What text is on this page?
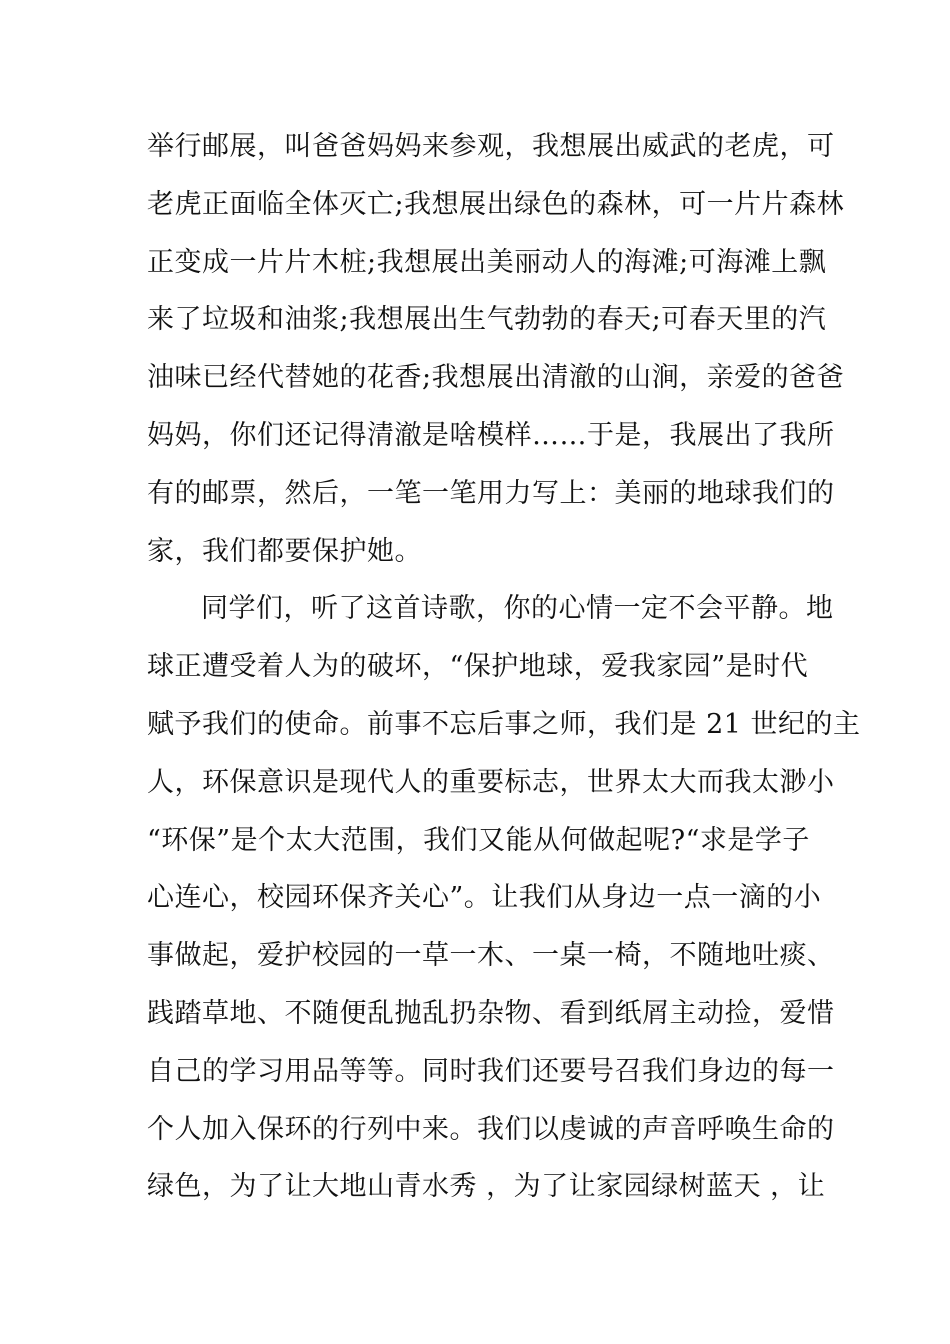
举行邮展，叫爸爸妈妈来参观，我想展出威武的老虎，可
老虎正面临全体灭亡;我想展出绿色的森林，可一片片森林
正变成一片片木桩;我想展出美丽动人的海滩;可海滩上飘
来了垃圾和油浆;我想展出生气勃勃的春天;可春天里的汽
油味已经代替她的花香;我想展出清澈的山涧，亲爱的爸爸
妈妈，你们还记得清澈是啥模样……于是，我展出了我所
有的邮票，然后，一笔一笔用力写上：美丽的地球我们的
家，我们都要保护她。
同学们，听了这首诗歌，你的心情一定不会平静。地
球正遭受着人为的破坏，“保护地球，爱我家园”是时代
赋予我们的使命。前事不忘后事之师，我们是 21 世纪的主
人，环保意识是现代人的重要标志，世界太大而我太渺小
“环保”是个太大范围，我们又能从何做起呢?“求是学子
心连心，校园环保齐关心”。让我们从身边一点一滴的小
事做起，爱护校园的一草一木、一桌一椅，不随地吐痰、
践踏草地、不随便乱抛乱扔杂物、看到纸屑主动捡，爱惜
自己的学习用品等等。同时我们还要号召我们身边的每一
个人加入保环的行列中来。我们以虔诚的声音呼唤生命的
绿色，为了让大地山青水秀 ，为了让家园绿树蓝天 ，让
